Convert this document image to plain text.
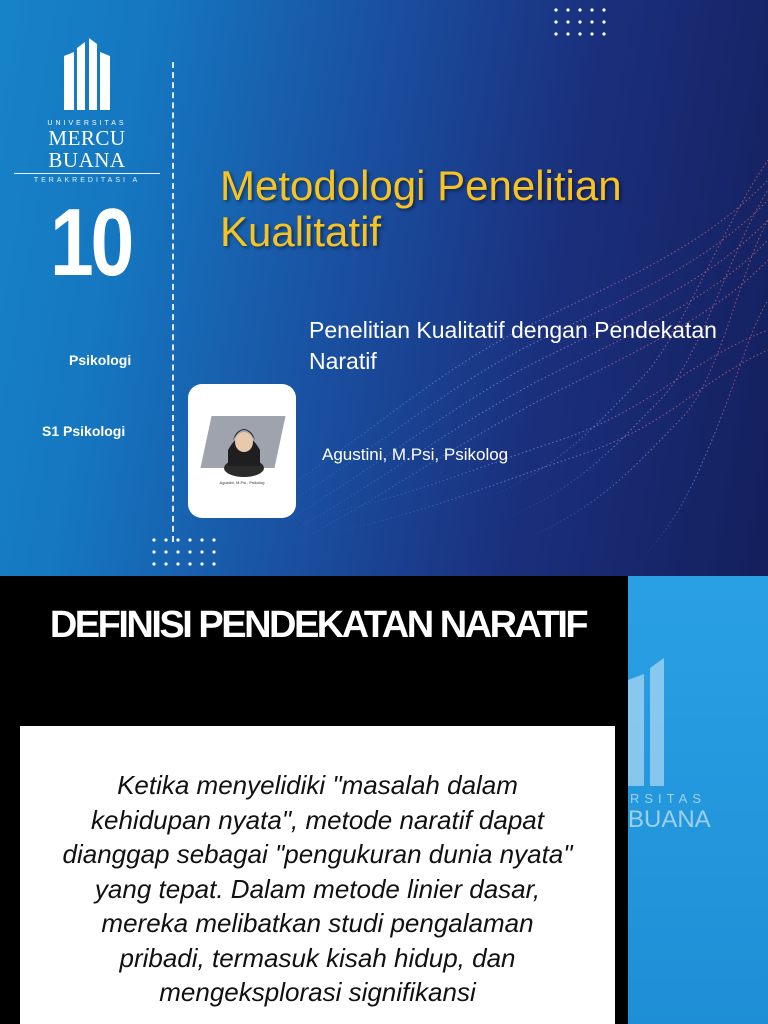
UNIVERSITAS
MERCU BUANA
TERAKREDITASI A
10
Psikologi
S1 Psikologi
Metodologi Penelitian Kualitatif
Penelitian Kualitatif dengan Pendekatan Naratif
Agustini, M.Psi, Psikolog
Agustini, M.Psi., Psikolog
RSITAS
BUANA
DEFINISI PENDEKATAN NARATIF
Ketika menyelidiki "masalah dalam kehidupan nyata", metode naratif dapat dianggap sebagai "pengukuran dunia nyata" yang tepat. Dalam metode linier dasar, mereka melibatkan studi pengalaman pribadi, termasuk kisah hidup, dan mengeksplorasi signifikansi
